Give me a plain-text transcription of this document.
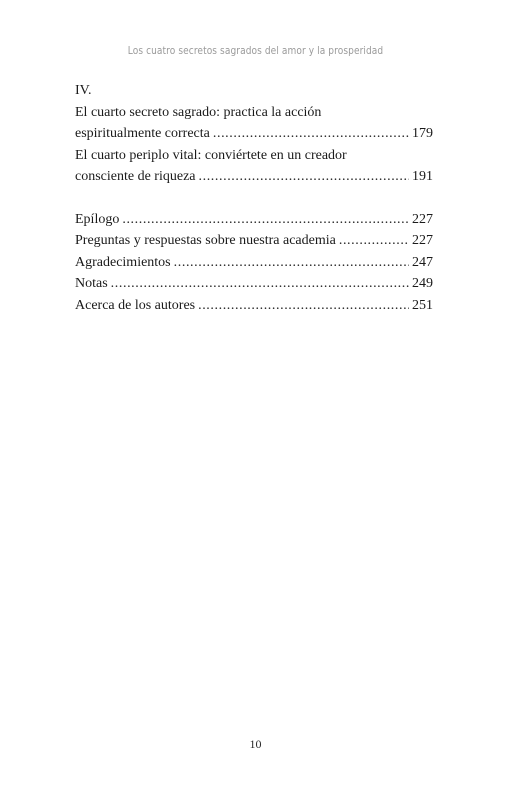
Los cuatro secretos sagrados del amor y la prosperidad
IV.
El cuarto secreto sagrado: practica la acción
espiritualmente correcta .....	179
El cuarto periplo vital: conviértete en un creador
consciente de riqueza .....	191
Epílogo .....	227
Preguntas y respuestas sobre nuestra academia .....	227
Agradecimientos .....	247
Notas .....	249
Acerca de los autores .....	251
10
